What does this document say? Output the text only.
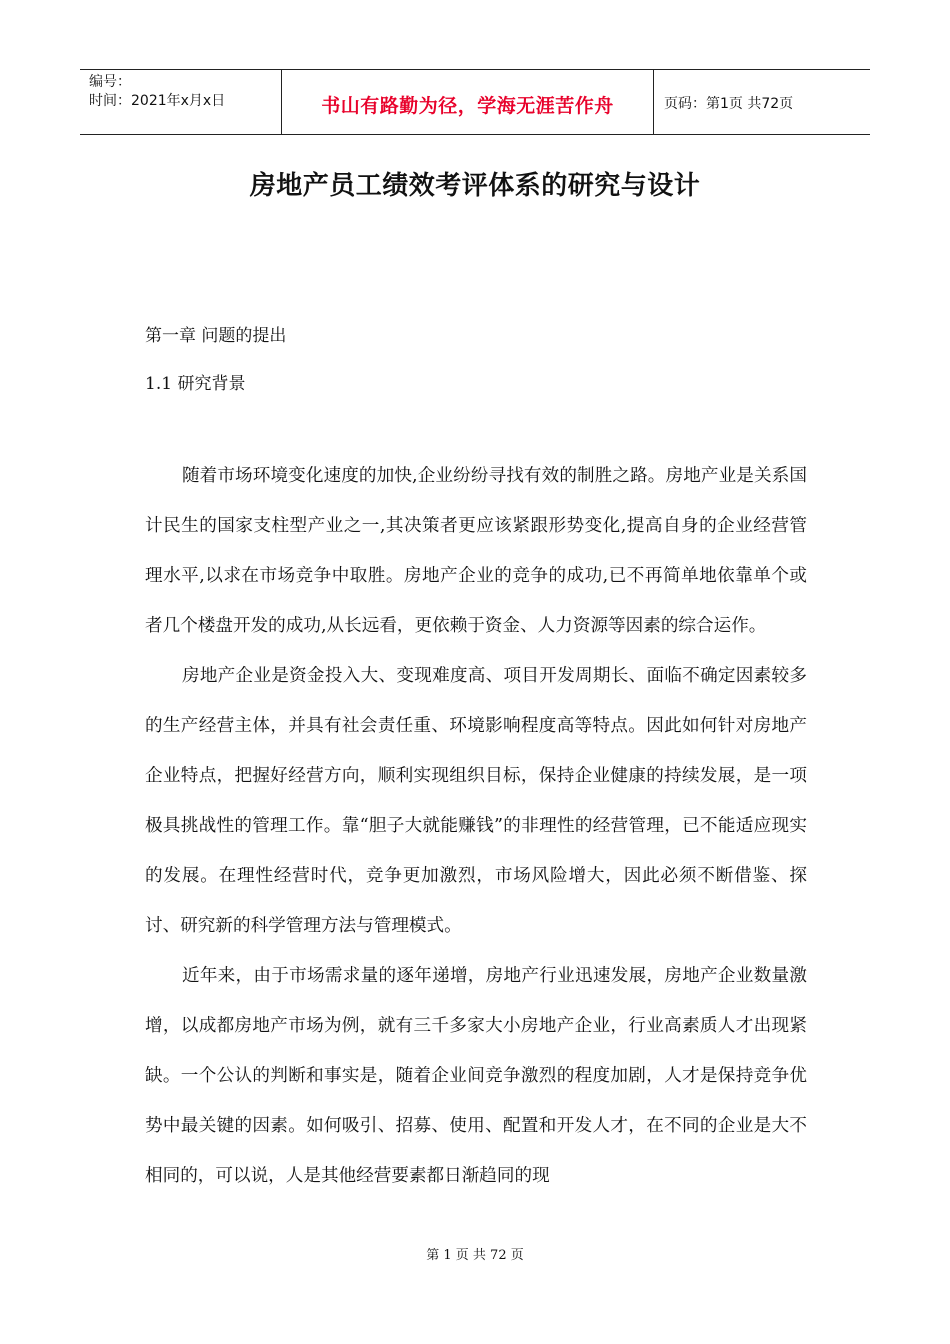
编号：
时间：2021年x月x日	书山有路勤为径，学海无涯苦作舟	页码：第1页 共72页
房地产员工绩效考评体系的研究与设计
第一章 问题的提出
1.1 研究背景

随着市场环境变化速度的加快,企业纷纷寻找有效的制胜之路。房地产业是关系国计民生的国家支柱型产业之一,其决策者更应该紧跟形势变化,提高自身的企业经营管理水平,以求在市场竞争中取胜。房地产企业的竞争的成功,已不再简单地依靠单个或者几个楼盘开发的成功,从长远看，更依赖于资金、人力资源等因素的综合运作。

房地产企业是资金投入大、变现难度高、项目开发周期长、面临不确定因素较多的生产经营主体，并具有社会责任重、环境影响程度高等特点。因此如何针对房地产企业特点，把握好经营方向，顺利实现组织目标，保持企业健康的持续发展，是一项极具挑战性的管理工作。靠“胆子大就能赚钱”的非理性的经营管理，已不能适应现实的发展。在理性经营时代，竞争更加激烈，市场风险增大，因此必须不断借鉴、探讨、研究新的科学管理方法与管理模式。

近年来，由于市场需求量的逐年递增，房地产行业迅速发展，房地产企业数量激增，以成都房地产市场为例，就有三千多家大小房地产企业，行业高素质人才出现紧缺。一个公认的判断和事实是，随着企业间竞争激烈的程度加剧，人才是保持竞争优势中最关键的因素。如何吸引、招募、使用、配置和开发人才，在不同的企业是大不相同的，可以说，人是其他经营要素都日渐趋同的现

第 1 页 共 72 页
